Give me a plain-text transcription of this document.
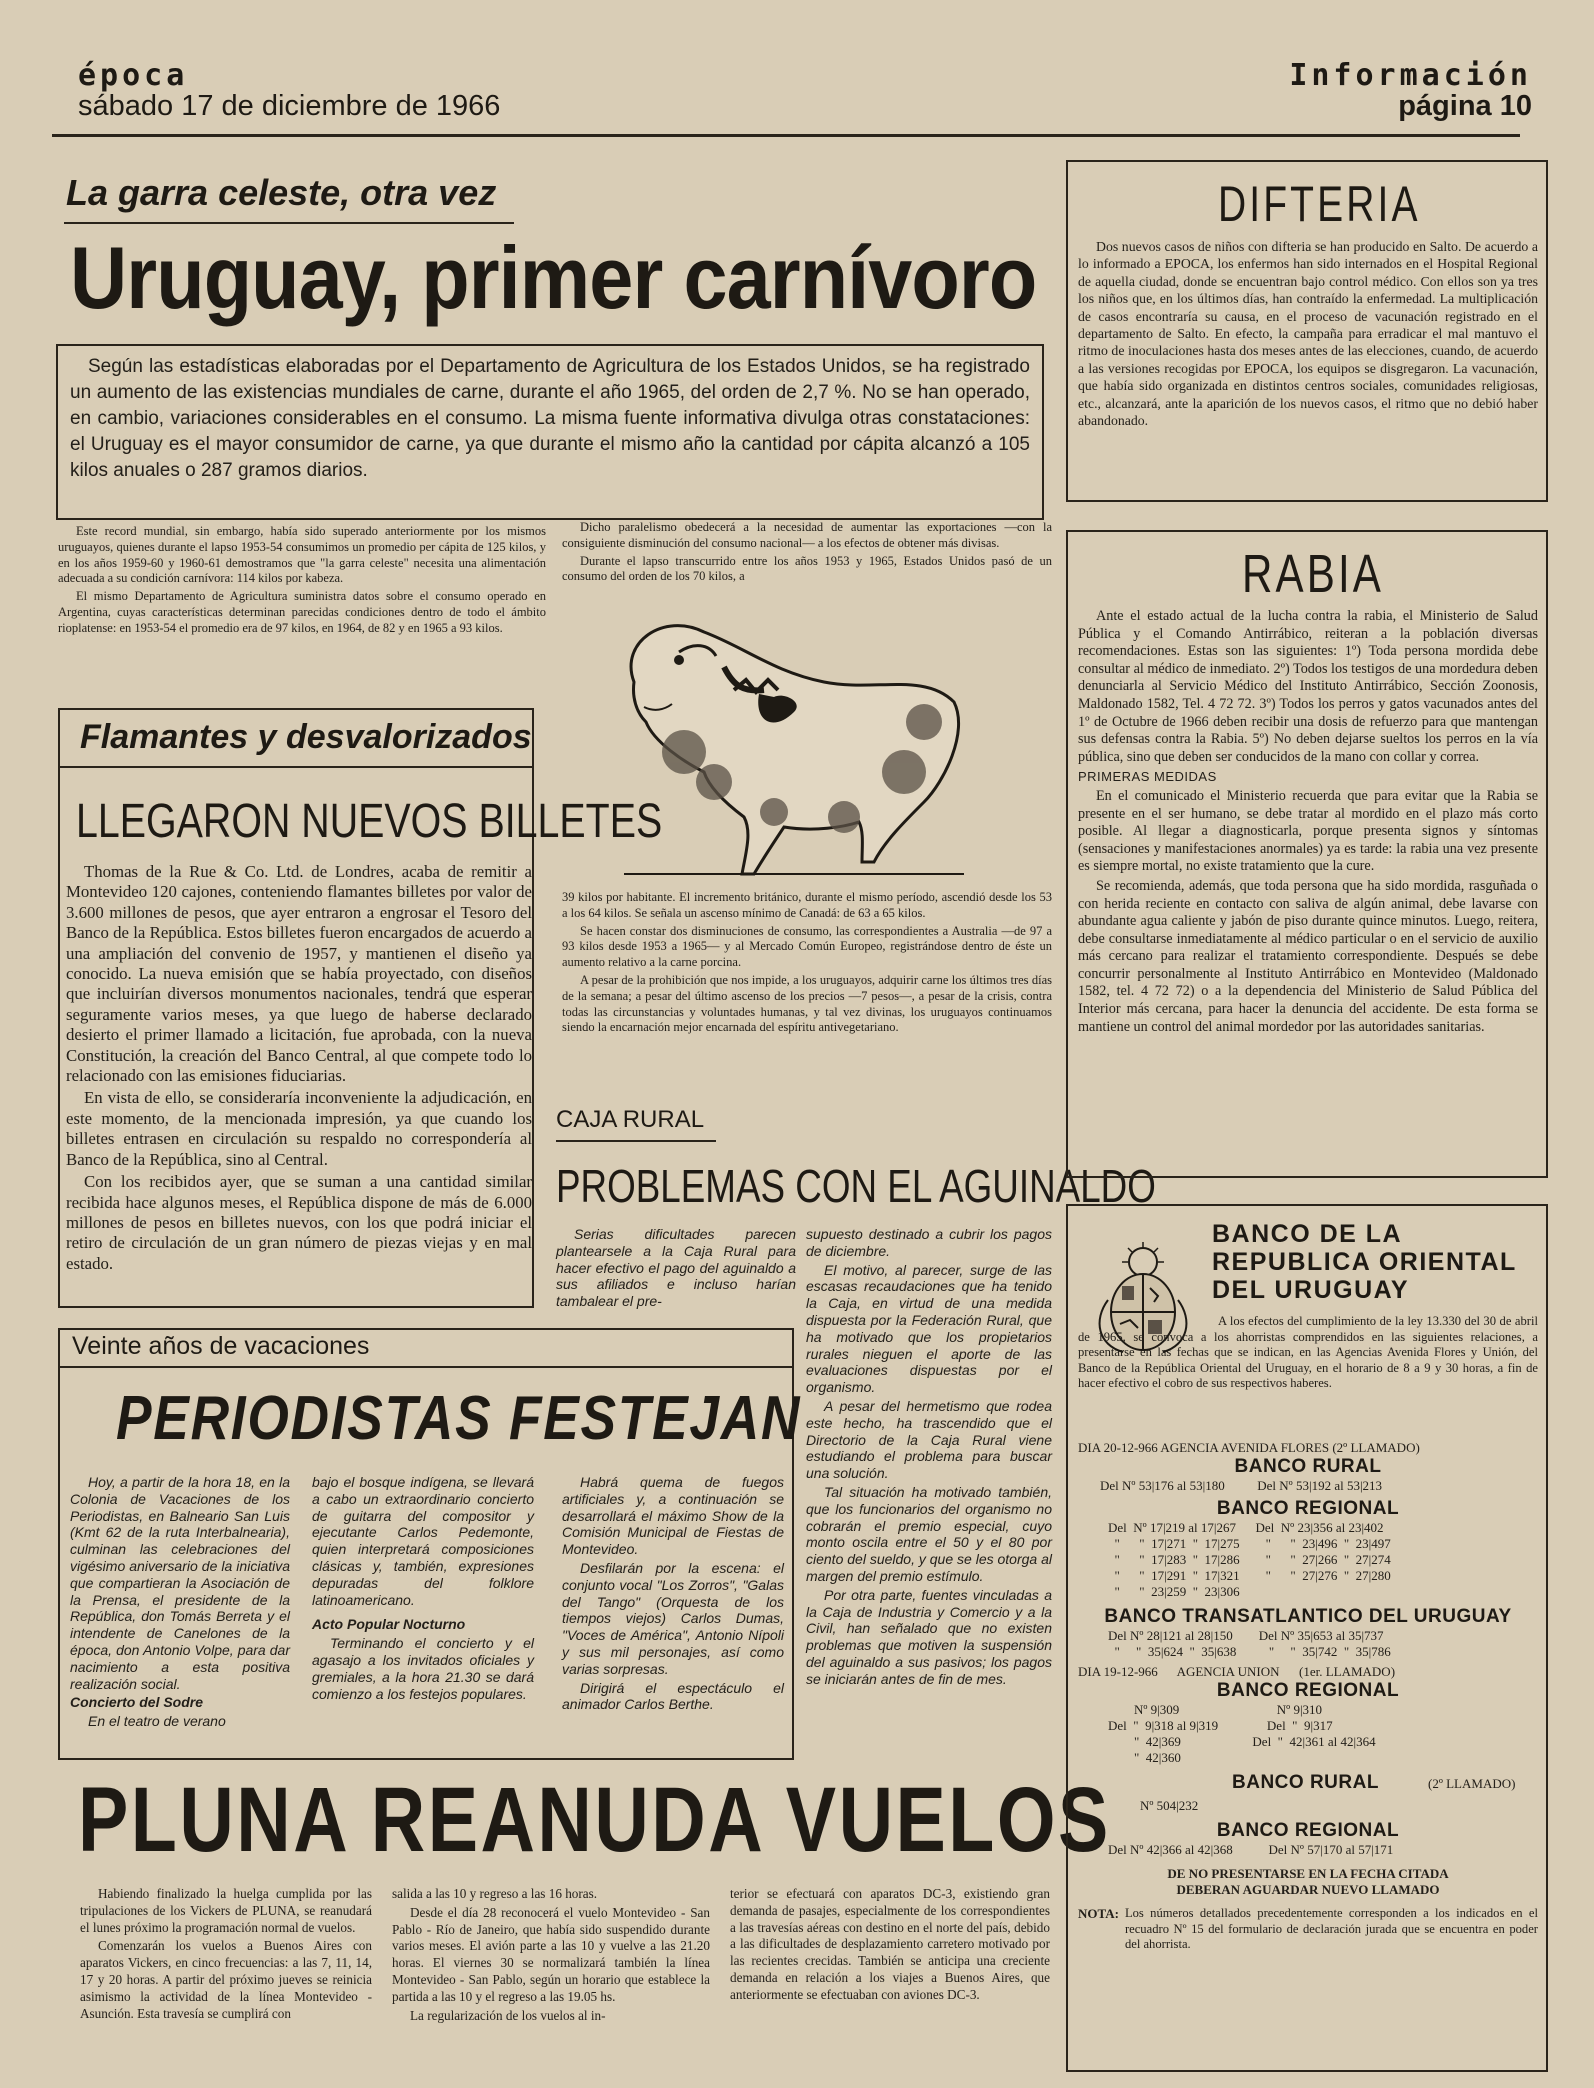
época
sábado 17 de diciembre de 1966
Información
página 10
La garra celeste, otra vez
Uruguay, primer carnívoro
Según las estadísticas elaboradas por el Departamento de Agricultura de los Estados Unidos, se ha registrado un aumento de las existencias mundiales de carne, durante el año 1965, del orden de 2,7 %. No se han operado, en cambio, variaciones considerables en el consumo. La misma fuente informativa divulga otras constataciones: el Uruguay es el mayor consumidor de carne, ya que durante el mismo año la cantidad por cápita alcanzó a 105 kilos anuales o 287 gramos diarios.

Este record mundial, sin embargo, había sido superado anteriormente por los mismos uruguayos, quienes durante el lapso 1953-54 consumimos un promedio per cápita de 125 kilos, y en los años 1959-60 y 1960-61 demostramos que "la garra celeste" necesita una alimentación adecuada a su condición carnívora: 114 kilos por kabeza.

El mismo Departamento de Agricultura suministra datos sobre el consumo operado en Argentina, cuyas características determinan parecidas condiciones dentro de todo el ámbito rioplatense: en 1953-54 el promedio era de 97 kilos, en 1964, de 82 y en 1965 a 93 kilos.

Dicho paralelismo obedecerá a la necesidad de aumentar las exportaciones —con la consiguiente disminución del consumo nacional— a los efectos de obtener más divisas.

Durante el lapso transcurrido entre los años 1953 y 1965, Estados Unidos pasó de un consumo del orden de los 70 kilos, a

39 kilos por habitante. El incremento británico, durante el mismo período, ascendió desde los 53 a los 64 kilos. Se señala un ascenso mínimo de Canadá: de 63 a 65 kilos.

Se hacen constar dos disminuciones de consumo, las correspondientes a Australia —de 97 a 93 kilos desde 1953 a 1965— y al Mercado Común Europeo, registrándose dentro de éste un aumento relativo a la carne porcina.

A pesar de la prohibición que nos impide, a los uruguayos, adquirir carne los últimos tres días de la semana; a pesar del último ascenso de los precios —7 pesos—, a pesar de la crisis, contra todas las circunstancias y voluntades humanas, y tal vez divinas, los uruguayos continuamos siendo la encarnación mejor encarnada del espíritu antivegetariano.

Flamantes y desvalorizados
LLEGARON NUEVOS BILLETES

Thomas de la Rue & Co. Ltd. de Londres, acaba de remitir a Montevideo 120 cajones, conteniendo flamantes billetes por valor de 3.600 millones de pesos, que ayer entraron a engrosar el Tesoro del Banco de la República. Estos billetes fueron encargados de acuerdo a una ampliación del convenio de 1957, y mantienen el diseño ya conocido. La nueva emisión que se había proyectado, con diseños que incluirían diversos monumentos nacionales, tendrá que esperar seguramente varios meses, ya que luego de haberse declarado desierto el primer llamado a licitación, fue aprobada, con la nueva Constitución, la creación del Banco Central, al que compete todo lo relacionado con las emisiones fiduciarias.

En vista de ello, se consideraría inconveniente la adjudicación, en este momento, de la mencionada impresión, ya que cuando los billetes entrasen en circulación su respaldo no correspondería al Banco de la República, sino al Central.

Con los recibidos ayer, que se suman a una cantidad similar recibida hace algunos meses, el República dispone de más de 6.000 millones de pesos en billetes nuevos, con los que podrá iniciar el retiro de circulación de un gran número de piezas viejas y en mal estado.

CAJA RURAL
PROBLEMAS CON EL AGUINALDO

Serias dificultades parecen plantearsele a la Caja Rural para hacer efectivo el pago del aguinaldo a sus afiliados e incluso harían tambalear el pre-

supuesto destinado a cubrir los pagos de diciembre.

El motivo, al parecer, surge de las escasas recaudaciones que ha tenido la Caja, en virtud de una medida dispuesta por la Federación Rural, que ha motivado que los propietarios rurales nieguen el aporte de las evaluaciones dispuestas por el organismo.

A pesar del hermetismo que rodea este hecho, ha trascendido que el Directorio de la Caja Rural viene estudiando el problema para buscar una solución.

Tal situación ha motivado también, que los funcionarios del organismo no cobrarán el premio especial, cuyo monto oscila entre el 50 y el 80 por ciento del sueldo, y que se les otorga al margen del premio estímulo.

Por otra parte, fuentes vinculadas a la Caja de Industria y Comercio y a la Civil, han señalado que no existen problemas que motiven la suspensión del aguinaldo a sus pasivos; los pagos se iniciarán antes de fin de mes.

Veinte años de vacaciones
PERIODISTAS FESTEJAN

Hoy, a partir de la hora 18, en la Colonia de Vacaciones de los Periodistas, en Balneario San Luis (Kmt 62 de la ruta Interbalnearia), culminan las celebraciones del vigésimo aniversario de la iniciativa que compartieran la Asociación de la Prensa, el presidente de la República, don Tomás Berreta y el intendente de Canelones de la época, don Antonio Volpe, para dar nacimiento a esta positiva realización social.

Concierto del Sodre

En el teatro de verano

bajo el bosque indígena, se llevará a cabo un extraordinario concierto de guitarra del compositor y ejecutante Carlos Pedemonte, quien interpretará composiciones clásicas y, también, expresiones depuradas del folklore latinoamericano.

Acto Popular Nocturno

Terminando el concierto y el agasajo a los invitados oficiales y gremiales, a la hora 21.30 se dará comienzo a los festejos populares.

Habrá quema de fuegos artificiales y, a continuación se desarrollará el máximo Show de la Comisión Municipal de Fiestas de Montevideo.

Desfilarán por la escena: el conjunto vocal "Los Zorros", "Galas del Tango" (Orquesta de los tiempos viejos) Carlos Dumas, "Voces de América", Antonio Nípoli y sus mil personajes, así como varias sorpresas.

Dirigirá el espectáculo el animador Carlos Berthe.

PLUNA REANUDA VUELOS

Habiendo finalizado la huelga cumplida por las tripulaciones de los Vickers de PLUNA, se reanudará el lunes próximo la programación normal de vuelos.

Comenzarán los vuelos a Buenos Aires con aparatos Vickers, en cinco frecuencias: a las 7, 11, 14, 17 y 20 horas. A partir del próximo jueves se reinicia asimismo la actividad de la línea Montevideo - Asunción. Esta travesía se cumplirá con

salida a las 10 y regreso a las 16 horas.

Desde el día 28 reconocerá el vuelo Montevideo - San Pablo - Río de Janeiro, que había sido suspendido durante varios meses. El avión parte a las 10 y vuelve a las 21.20 horas. El viernes 30 se normalizará también la línea Montevideo - San Pablo, según un horario que establece la partida a las 10 y el regreso a las 19.05 hs.

La regularización de los vuelos al in-

terior se efectuará con aparatos DC-3, existiendo gran demanda de pasajes, especialmente de los correspondientes a las travesías aéreas con destino en el norte del país, debido a las dificultades de desplazamiento carretero motivado por las recientes crecidas. También se anticipa una creciente demanda en relación a los viajes a Buenos Aires, que anteriormente se efectuaban con aviones DC-3.

DIFTERIA

Dos nuevos casos de niños con difteria se han producido en Salto. De acuerdo a lo informado a EPOCA, los enfermos han sido internados en el Hospital Regional de aquella ciudad, donde se encuentran bajo control médico. Con ellos son ya tres los niños que, en los últimos días, han contraído la enfermedad. La multiplicación de casos encontraría su causa, en el proceso de vacunación registrado en el departamento de Salto. En efecto, la campaña para erradicar el mal mantuvo el ritmo de inoculaciones hasta dos meses antes de las elecciones, cuando, de acuerdo a las versiones recogidas por EPOCA, los equipos se disgregaron. La vacunación, que había sido organizada en distintos centros sociales, comunidades religiosas, etc., alcanzará, ante la aparición de los nuevos casos, el ritmo que no debió haber abandonado.

RABIA

Ante el estado actual de la lucha contra la rabia, el Ministerio de Salud Pública y el Comando Antirrábico, reiteran a la población diversas recomendaciones. Estas son las siguientes: 1º) Toda persona mordida debe consultar al médico de inmediato. 2º) Todos los testigos de una mordedura deben denunciarla al Servicio Médico del Instituto Antirrábico, Sección Zoonosis, Maldonado 1582, Tel. 4 72 72. 3º) Todos los perros y gatos vacunados antes del 1º de Octubre de 1966 deben recibir una dosis de refuerzo para que mantengan sus defensas contra la Rabia. 5º) No deben dejarse sueltos los perros en la vía pública, sino que deben ser conducidos de la mano con collar y correa.

PRIMERAS MEDIDAS

En el comunicado el Ministerio recuerda que para evitar que la Rabia se presente en el ser humano, se debe tratar al mordido en el plazo más corto posible. Al llegar a diagnosticarla, porque presenta signos y síntomas (sensaciones y manifestaciones anormales) ya es tarde: la rabia una vez presente es siempre mortal, no existe tratamiento que la cure.

Se recomienda, además, que toda persona que ha sido mordida, rasguñada o con herida reciente en contacto con saliva de algún animal, debe lavarse con abundante agua caliente y jabón de piso durante quince minutos. Luego, reitera, debe consultarse inmediatamente al médico particular o en el servicio de auxilio más cercano para realizar el tratamiento correspondiente. Después se debe concurrir personalmente al Instituto Antirrábico en Montevideo (Maldonado 1582, tel. 4 72 72) o a la dependencia del Ministerio de Salud Pública del Interior más cercana, para hacer la denuncia del accidente. De esta forma se mantiene un control del animal mordedor por las autoridades sanitarias.

BANCO DE LA
REPUBLICA ORIENTAL
DEL URUGUAY
A los efectos del cumplimiento de la ley 13.330 del 30 de abril de 1965, se convoca a los ahorristas comprendidos en las siguientes relaciones, a presentarse en las fechas que se indican, en las Agencias Avenida Flores y Unión, del Banco de la República Oriental del Uruguay, en el horario de 8 a 9 y 30 horas, a fin de hacer efectivo el cobro de sus respectivos haberes.
DIA 20-12-966 AGENCIA AVENIDA FLORES (2º LLAMADO)
BANCO RURAL
Del Nº 53|176 al 53|180          Del Nº 53|192 al 53|213
BANCO REGIONAL
Del  Nº 17|219 al 17|267      Del  Nº 23|356 al 23|402
"      "  17|271  "  17|275        "      "  23|496  "  23|497
"      "  17|283  "  17|286        "      "  27|266  "  27|274
"      "  17|291  "  17|321        "      "  27|276  "  27|280
"      "  23|259  "  23|306
BANCO TRANSATLANTICO DEL URUGUAY
Del Nº 28|121 al 28|150        Del Nº 35|653 al 35|737
"     "  35|624  "  35|638          "     "  35|742  "  35|786
DIA 19-12-966      AGENCIA UNION      (1er. LLAMADO)
BANCO REGIONAL
Nº 9|309                              Nº 9|310
Del  "  9|318 al 9|319               Del  "  9|317
"  42|369                      Del  "  42|361 al 42|364
"  42|360
BANCO RURAL	(2º LLAMADO)
Nº 504|232
BANCO REGIONAL
Del Nº 42|366 al 42|368           Del Nº 57|170 al 57|171
DE NO PRESENTARSE EN LA FECHA CITADA
DEBERAN AGUARDAR NUEVO LLAMADO
NOTA: Los números detallados precedentemente corresponden a los indicados en el recuadro Nº 15 del formulario de declaración jurada que se encuentra en poder del ahorrista.
